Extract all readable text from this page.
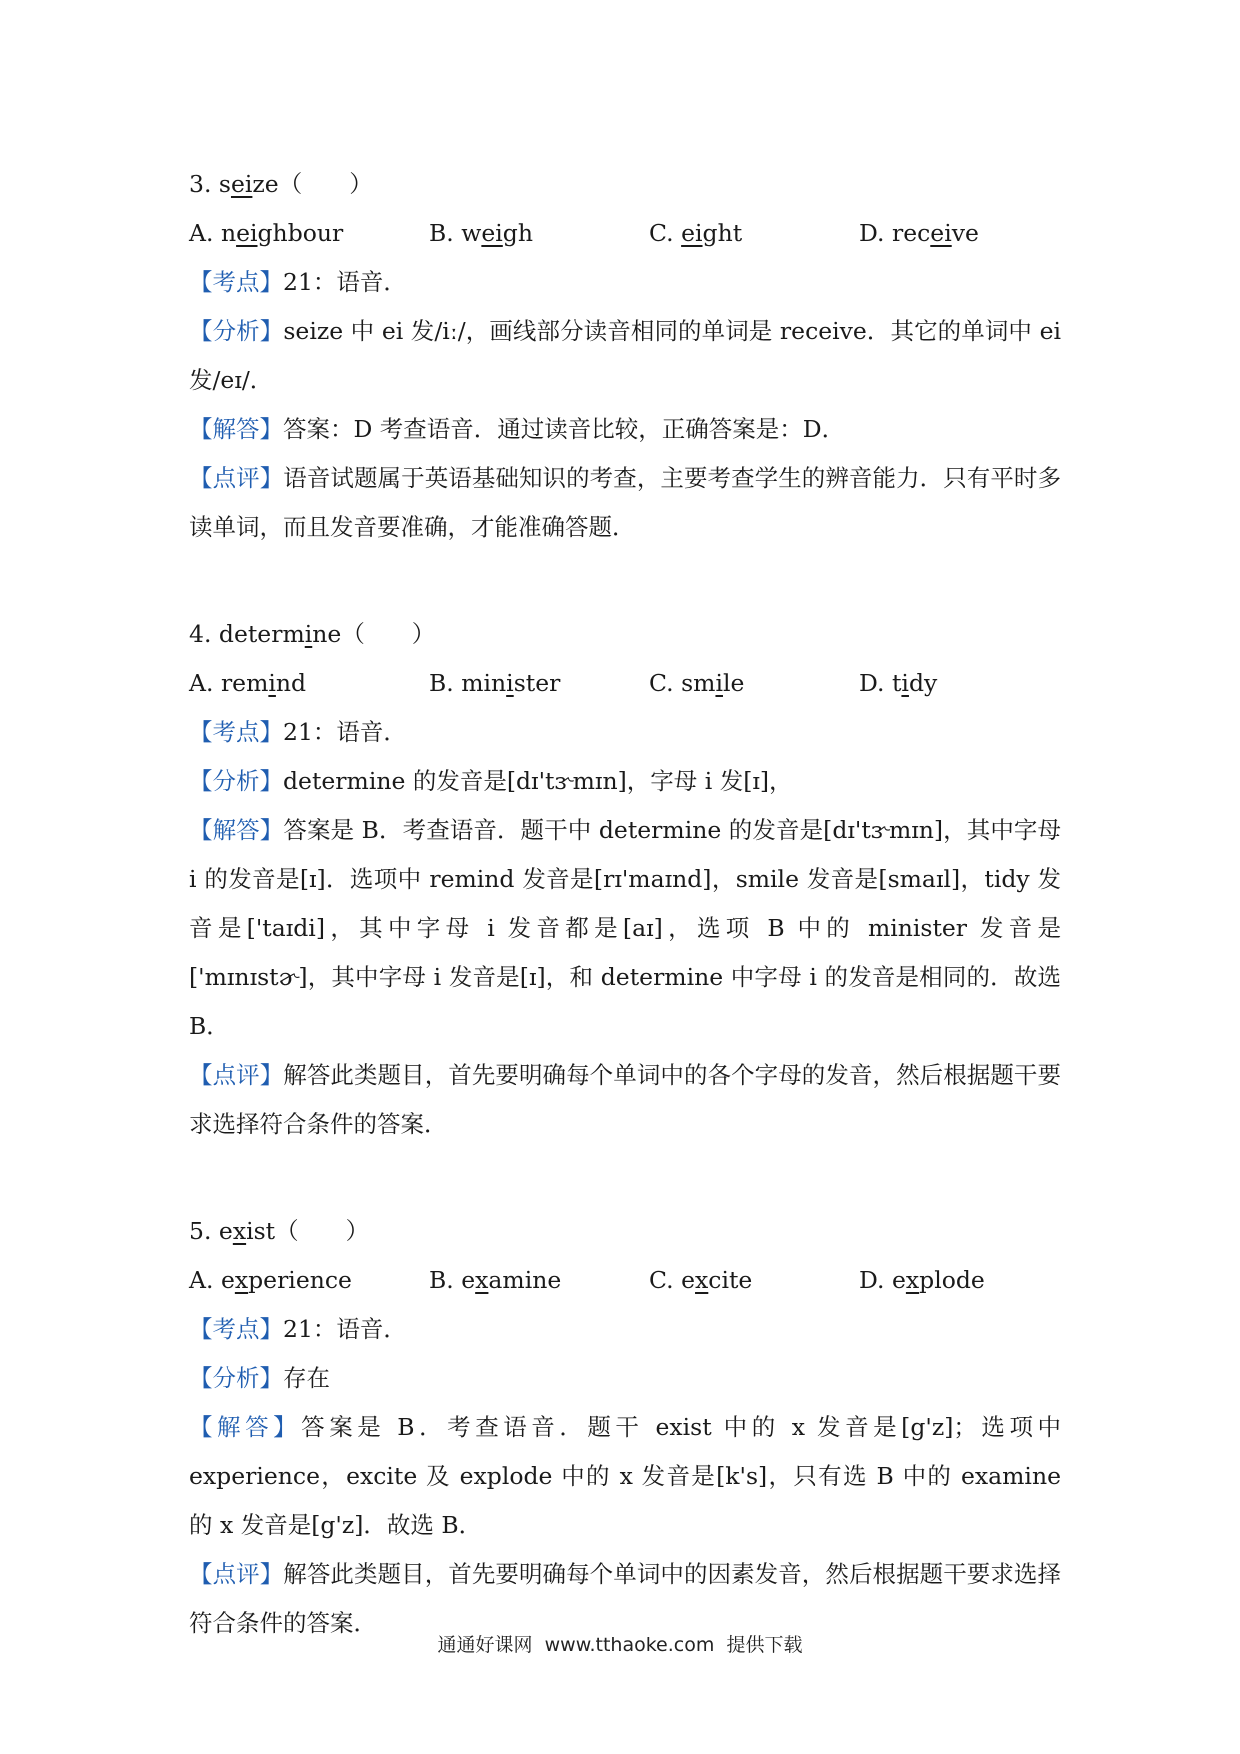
3. seize（　　）
A. neighbour	B. weigh	C. eight	D. receive
【考点】21：语音．
【分析】seize 中 ei 发/iː/，画线部分读音相同的单词是 receive．其它的单词中 ei 发/eɪ/．
【解答】答案：D 考查语音．通过读音比较，正确答案是：D．
【点评】语音试题属于英语基础知识的考查，主要考查学生的辨音能力．只有平时多读单词，而且发音要准确，才能准确答题．
4. determine（　　）
A. remind	B. minister	C. smile	D. tidy
【考点】21：语音．
【分析】determine 的发音是[dɪ'tɝmɪn]，字母 i 发[ɪ]，
【解答】答案是 B．考查语音．题干中 determine 的发音是[dɪ'tɝmɪn]，其中字母 i 的发音是[ɪ]．选项中 remind 发音是[rɪ'maɪnd]，smile 发音是[smaɪl]，tidy 发音是['taɪdi]，其中字母 i 发音都是[aɪ]，选项 B 中的 minister 发音是['mɪnɪstɚ]，其中字母 i 发音是[ɪ]，和 determine 中字母 i 的发音是相同的．故选 B．
【点评】解答此类题目，首先要明确每个单词中的各个字母的发音，然后根据题干要求选择符合条件的答案．
5. exist（　　）
A. experience	B. examine	C. excite	D. explode
【考点】21：语音．
【分析】存在
【解答】答案是 B．考查语音．题干 exist 中的 x 发音是[g'z]；选项中 experience，excite 及 explode 中的 x 发音是[k's]，只有选 B 中的 examine 的 x 发音是[g'z]．故选 B．
【点评】解答此类题目，首先要明确每个单词中的因素发音，然后根据题干要求选择符合条件的答案．
通通好课网  www.tthaoke.com  提供下载
